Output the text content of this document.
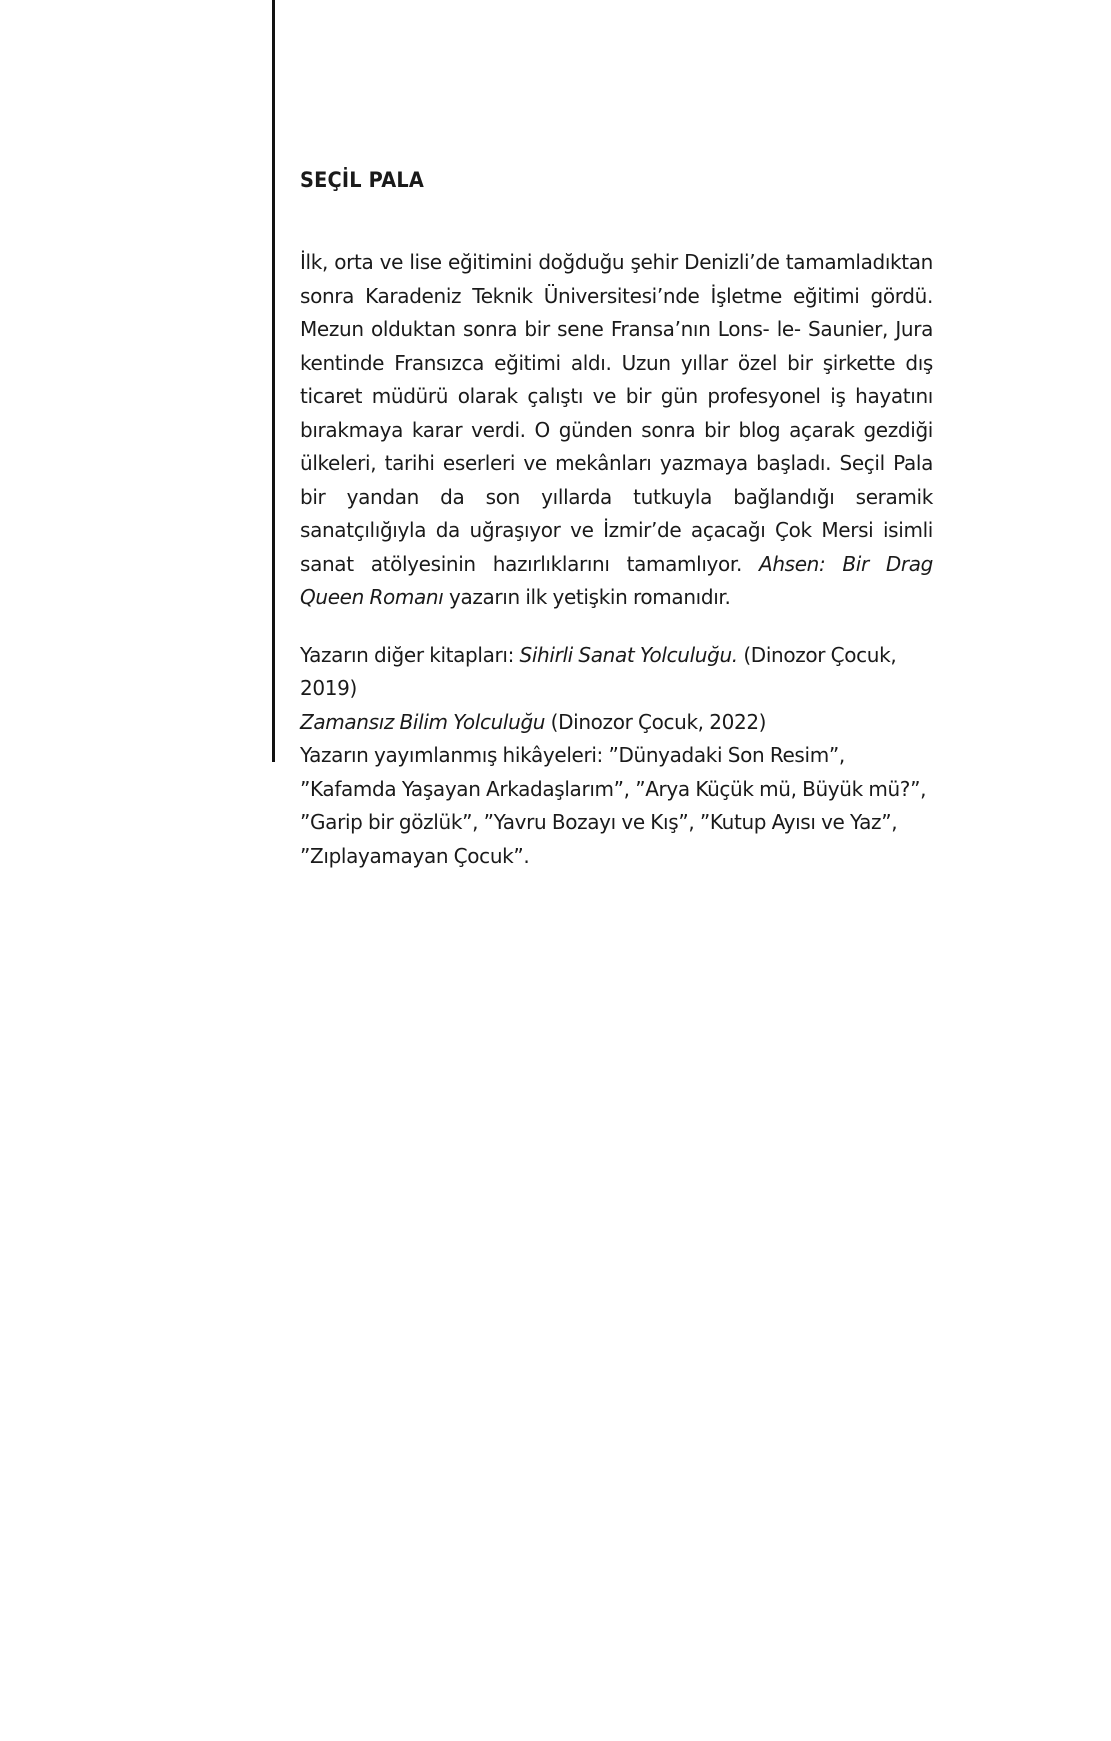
SEÇİL PALA

İlk, orta ve lise eğitimini doğduğu şehir Denizli’de tamamladıktan sonra Karadeniz Teknik Üniversitesi’nde İşletme eğitimi gördü. Mezun olduktan sonra bir sene Fransa’nın Lons- le- Saunier, Jura kentinde Fransızca eğitimi aldı. Uzun yıllar özel bir şirkette dış ticaret müdürü olarak çalıştı ve bir gün profesyonel iş hayatını bırakmaya karar verdi. O günden sonra bir blog açarak gezdiği ülkeleri, tarihi eserleri ve mekânları yazmaya başladı. Seçil Pala bir yandan da son yıllarda tutkuyla bağlandığı seramik sanatçılığıyla da uğraşıyor ve İzmir’de açacağı Çok Mersi isimli sanat atölyesinin hazırlıklarını tamamlıyor. Ahsen: Bir Drag Queen Romanı yazarın ilk yetişkin romanıdır.

Yazarın diğer kitapları: Sihirli Sanat Yolculuğu. (Dinozor Çocuk, 2019)
Zamansız Bilim Yolculuğu (Dinozor Çocuk, 2022)
Yazarın yayımlanmış hikâyeleri: ”Dünyadaki Son Resim”, ”Kafamda Yaşayan Arkadaşlarım”, ”Arya Küçük mü, Büyük mü?”, ”Garip bir gözlük”, ”Yavru Bozayı ve Kış”, ”Kutup Ayısı ve Yaz”, ”Zıplayamayan Çocuk”.
